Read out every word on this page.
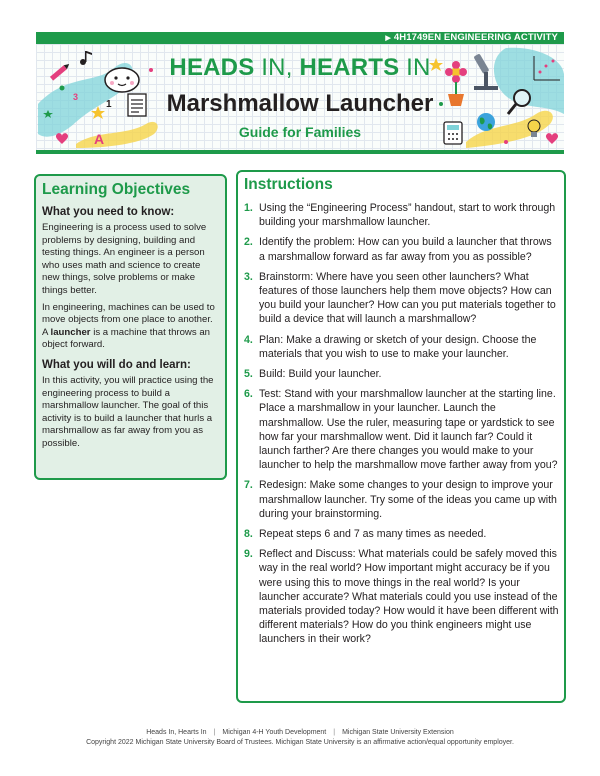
▶ 4H1749EN ENGINEERING ACTIVITY
1
3
A
HEADS IN, HEARTS IN
Marshmallow Launcher
Guide for Families
Learning Objectives
What you need to know:

Engineering is a process used to solve problems by designing, building and testing things. An engineer is a person who uses math and science to create new things, solve problems or make things better.

In engineering, machines can be used to move objects from one place to another. A launcher is a machine that throws an object forward.

What you will do and learn:

In this activity, you will practice using the engineering process to build a marshmallow launcher. The goal of this activity is to build a launcher that hurls a marshmallow as far away from you as possible.

Instructions
1. Using the “Engineering Process” handout, start to work through building your marshmallow launcher.
2. Identify the problem: How can you build a launcher that throws a marshmallow forward as far away from you as possible?
3. Brainstorm: Where have you seen other launchers? What features of those launchers help them move objects? How can you build your launcher? How can you put materials together to build a device that will launch a marshmallow?
4. Plan: Make a drawing or sketch of your design. Choose the materials that you wish to use to make your launcher.
5. Build: Build your launcher.
6. Test: Stand with your marshmallow launcher at the starting line. Place a marshmallow in your launcher. Launch the marshmallow. Use the ruler, measuring tape or yardstick to see how far your marshmallow went. Did it launch far? Could it launch farther? Are there changes you would make to your launcher to help the marshmallow move farther away from you?
7. Redesign: Make some changes to your design to improve your marshmallow launcher. Try some of the ideas you came up with during your brainstorming.
8. Repeat steps 6 and 7 as many times as needed.
9. Reflect and Discuss: What materials could be safely moved this way in the real world? How important might accuracy be if you were using this to move things in the real world? Is your launcher accurate? What materials could you use instead of the materials provided today? How would it have been different with different materials? How do you think engineers might use launchers in their work?
Heads In, Hearts In | Michigan 4-H Youth Development | Michigan State University Extension
Copyright 2022 Michigan State University Board of Trustees. Michigan State University is an affirmative action/equal opportunity employer.
